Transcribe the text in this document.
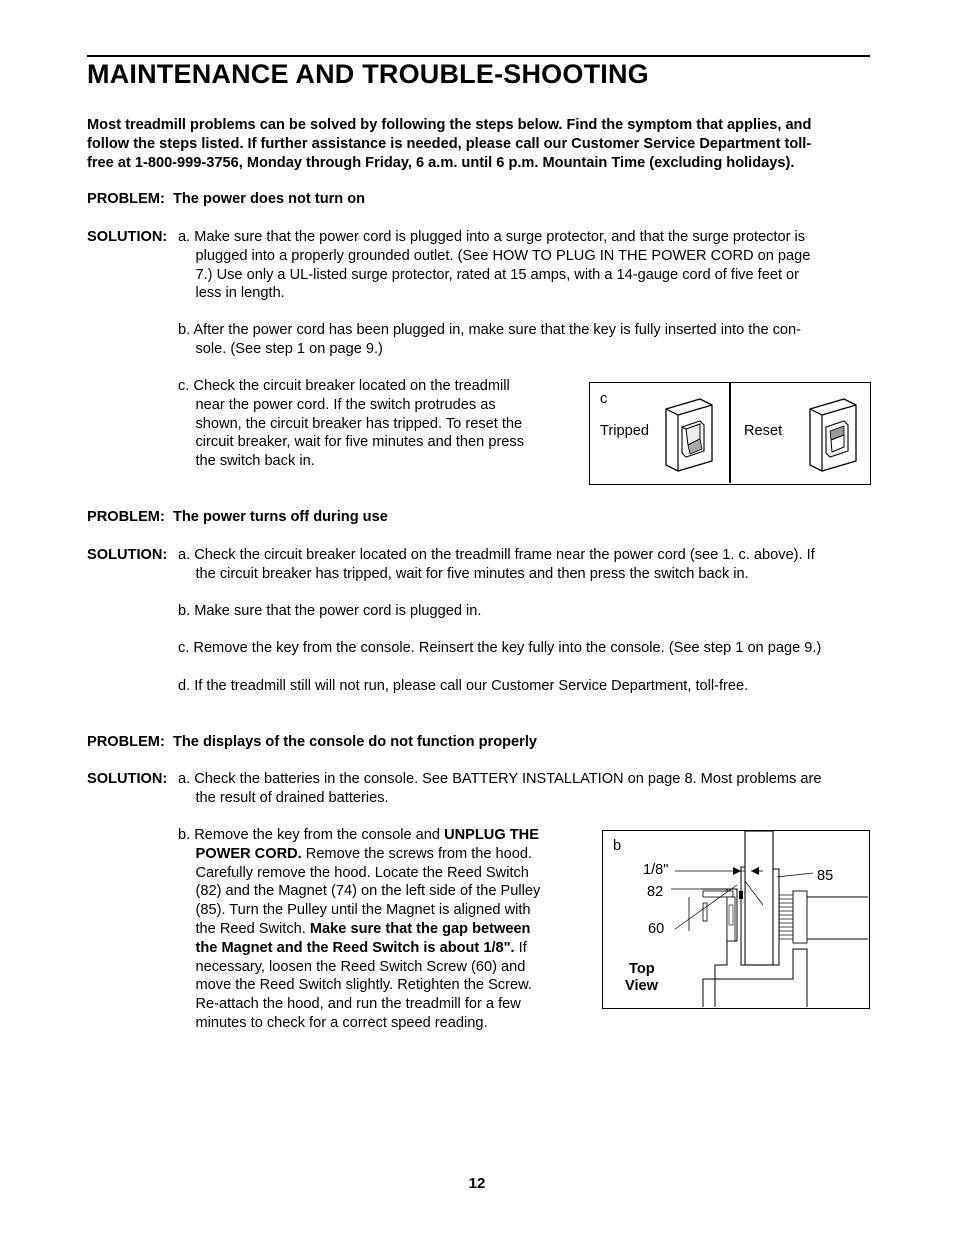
MAINTENANCE AND TROUBLE-SHOOTING
Most treadmill problems can be solved by following the steps below. Find the symptom that applies, and
follow the steps listed. If further assistance is needed, please call our Customer Service Department toll-
free at 1-800-999-3756, Monday through Friday, 6 a.m. until 6 p.m. Mountain Time (excluding holidays).
PROBLEM: The power does not turn on
SOLUTION: a. Make sure that the power cord is plugged into a surge protector, and that the surge protector is
plugged into a properly grounded outlet. (See HOW TO PLUG IN THE POWER CORD on page
7.) Use only a UL-listed surge protector, rated at 15 amps, with a 14-gauge cord of five feet or
less in length.
b. After the power cord has been plugged in, make sure that the key is fully inserted into the con-
sole. (See step 1 on page 9.)
c. Check the circuit breaker located on the treadmill
near the power cord. If the switch protrudes as
shown, the circuit breaker has tripped. To reset the
circuit breaker, wait for five minutes and then press
the switch back in.
c
Tripped	Reset
PROBLEM: The power turns off during use
SOLUTION: a. Check the circuit breaker located on the treadmill frame near the power cord (see 1. c. above). If
the circuit breaker has tripped, wait for five minutes and then press the switch back in.
b. Make sure that the power cord is plugged in.
c. Remove the key from the console. Reinsert the key fully into the console. (See step 1 on page 9.)
d. If the treadmill still will not run, please call our Customer Service Department, toll-free.
PROBLEM: The displays of the console do not function properly
SOLUTION: a. Check the batteries in the console. See BATTERY INSTALLATION on page 8. Most problems are
the result of drained batteries.
b. Remove the key from the console and UNPLUG THE
POWER CORD. Remove the screws from the hood.
Carefully remove the hood. Locate the Reed Switch
(82) and the Magnet (74) on the left side of the Pulley
(85). Turn the Pulley until the Magnet is aligned with
the Reed Switch. Make sure that the gap between
the Magnet and the Reed Switch is about 1/8". If
necessary, loosen the Reed Switch Screw (60) and
move the Reed Switch slightly. Retighten the Screw.
Re-attach the hood, and run the treadmill for a few
minutes to check for a correct speed reading.
b
1/8"
82
60
85
Top
View
12
